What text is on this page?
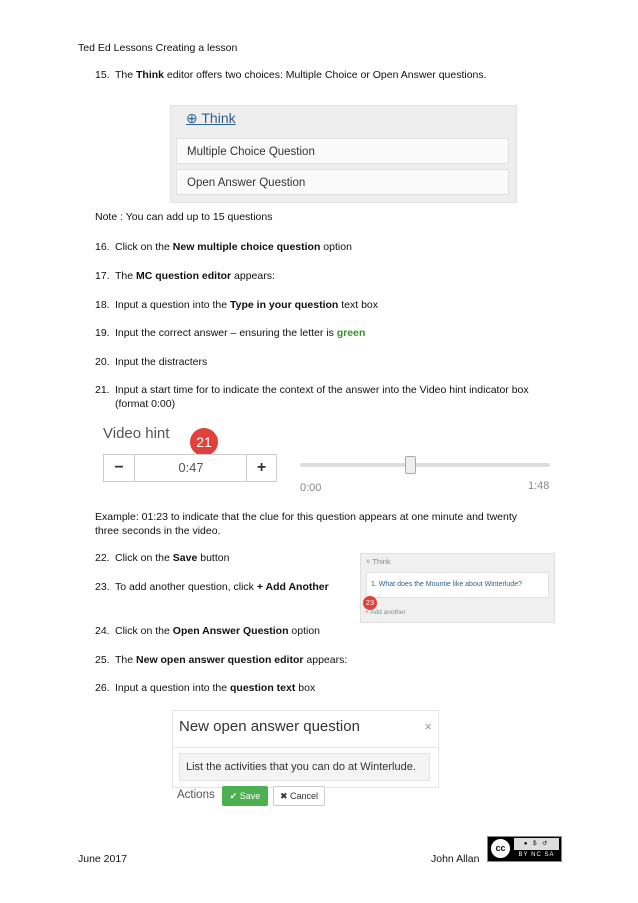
Ted Ed Lessons Creating a lesson
15. The Think editor offers two choices: Multiple Choice or Open Answer questions.
⊕ Think
Multiple Choice Question
Open Answer Question
Note : You can add up to 15 questions
16. Click on the New multiple choice question option
17. The MC question editor appears:
18. Input a question into the Type in your question text box
19. Input the correct answer – ensuring the letter is green
20. Input the distracters
21. Input a start time for to indicate the context of the answer into the Video hint indicator box
(format 0:00)
Video hint	21
−	0:47	+
0:00	1:48
Example: 01:23 to indicate that the clue for this question appears at one minute and twenty
three seconds in the video.
22. Click on the Save button
23. To add another question, click + Add Another
˅ Think
1. What does the Mountie like about Winterlude?
23
+ Add another
24. Click on the Open Answer Question option
25. The New open answer question editor appears:
26. Input a question into the question text box
New open answer question	×
List the activities that you can do at Winterlude.
Actions	✔ Save	✖ Cancel
June 2017	John Allan
cc	● $ ↺
BY NC SA
